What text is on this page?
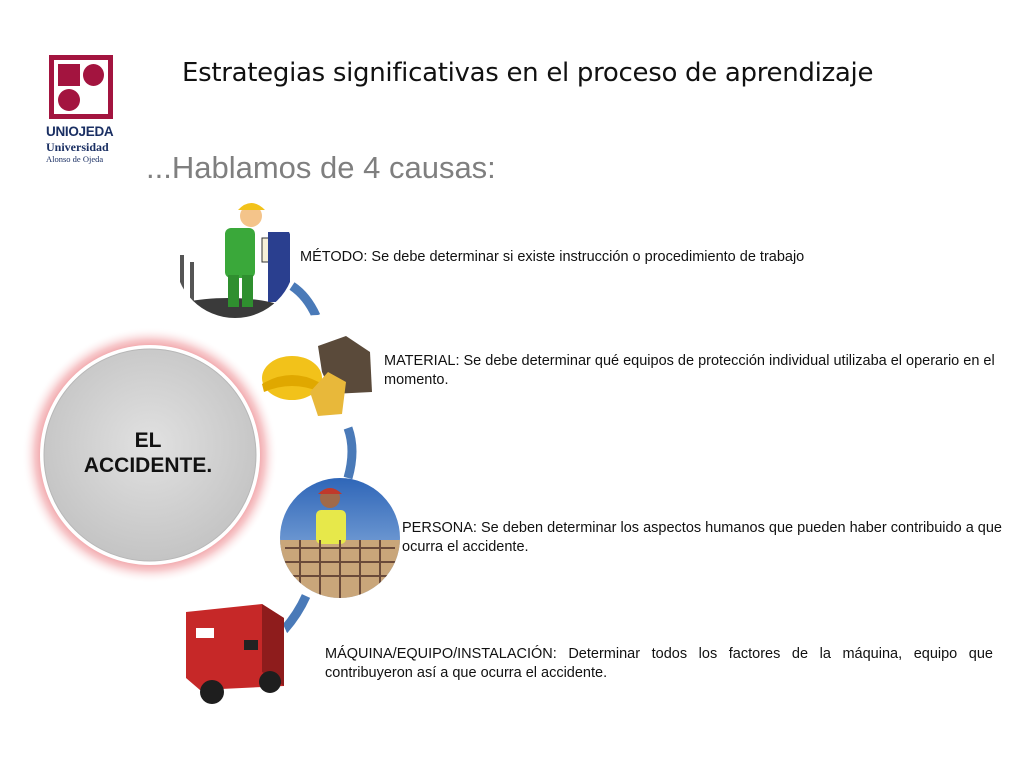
UNIOJEDA
Universidad
Alonso de Ojeda
Estrategias significativas en el proceso de aprendizaje
...Hablamos de 4 causas:
EL
ACCIDENTE.
MÉTODO: Se debe determinar si existe instrucción o procedimiento de trabajo
MATERIAL: Se debe determinar qué equipos de protección individual utilizaba el operario en el momento.
PERSONA: Se deben determinar los aspectos humanos que pueden haber contribuido a que ocurra el accidente.
MÁQUINA/EQUIPO/INSTALACIÓN: Determinar todos los factores de la máquina, equipo que contribuyeron así a que ocurra el accidente.
